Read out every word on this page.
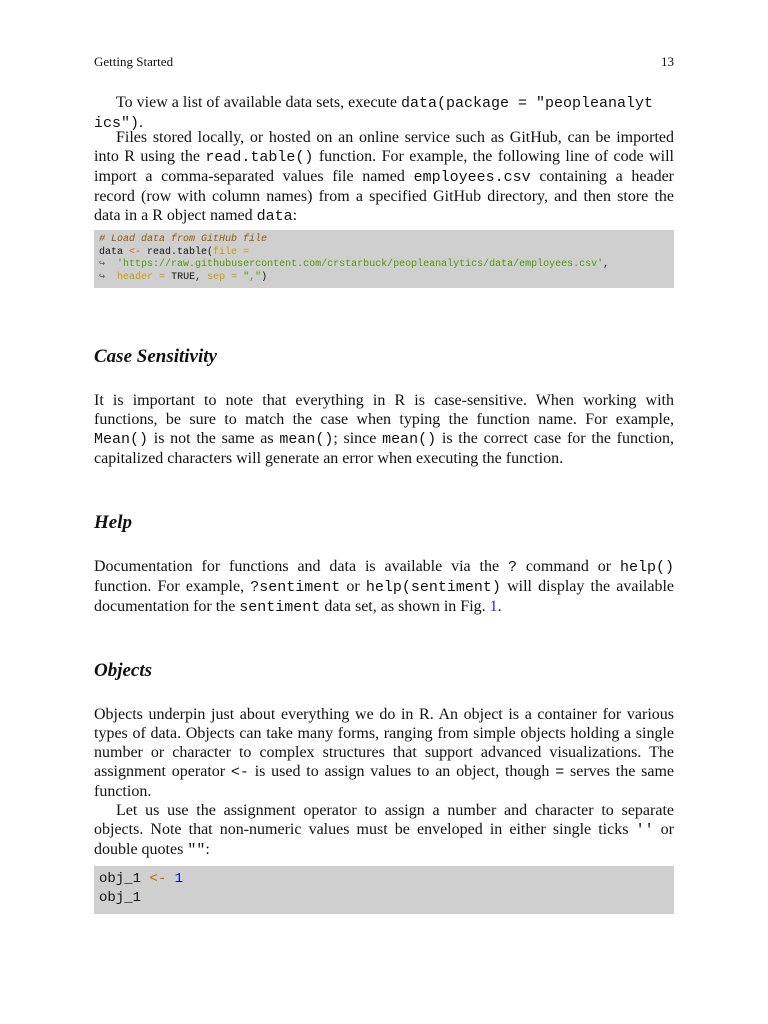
Getting Started	13

To view a list of available data sets, execute data(package = "peopleanalyt
ics").

Files stored locally, or hosted on an online service such as GitHub, can be imported into R using the read.table() function. For example, the following line of code will import a comma-separated values file named employees.csv containing a header record (row with column names) from a specified GitHub directory, and then store the data in a R object named data:

# Load data from GitHub file
data <- read.table(file =
↪ 'https://raw.githubusercontent.com/crstarbuck/peopleanalytics/data/employees.csv',
↪ header = TRUE, sep = ",")
Case Sensitivity

It is important to note that everything in R is case-sensitive. When working with functions, be sure to match the case when typing the function name. For example, Mean() is not the same as mean(); since mean() is the correct case for the function, capitalized characters will generate an error when executing the function.

Help

Documentation for functions and data is available via the ? command or help() function. For example, ?sentiment or help(sentiment) will display the available documentation for the sentiment data set, as shown in Fig. 1.

Objects

Objects underpin just about everything we do in R. An object is a container for various types of data. Objects can take many forms, ranging from simple objects holding a single number or character to complex structures that support advanced visualizations. The assignment operator <- is used to assign values to an object, though = serves the same function.

Let us use the assignment operator to assign a number and character to separate objects. Note that non-numeric values must be enveloped in either single ticks '' or double quotes "":

obj_1 <- 1
obj_1
